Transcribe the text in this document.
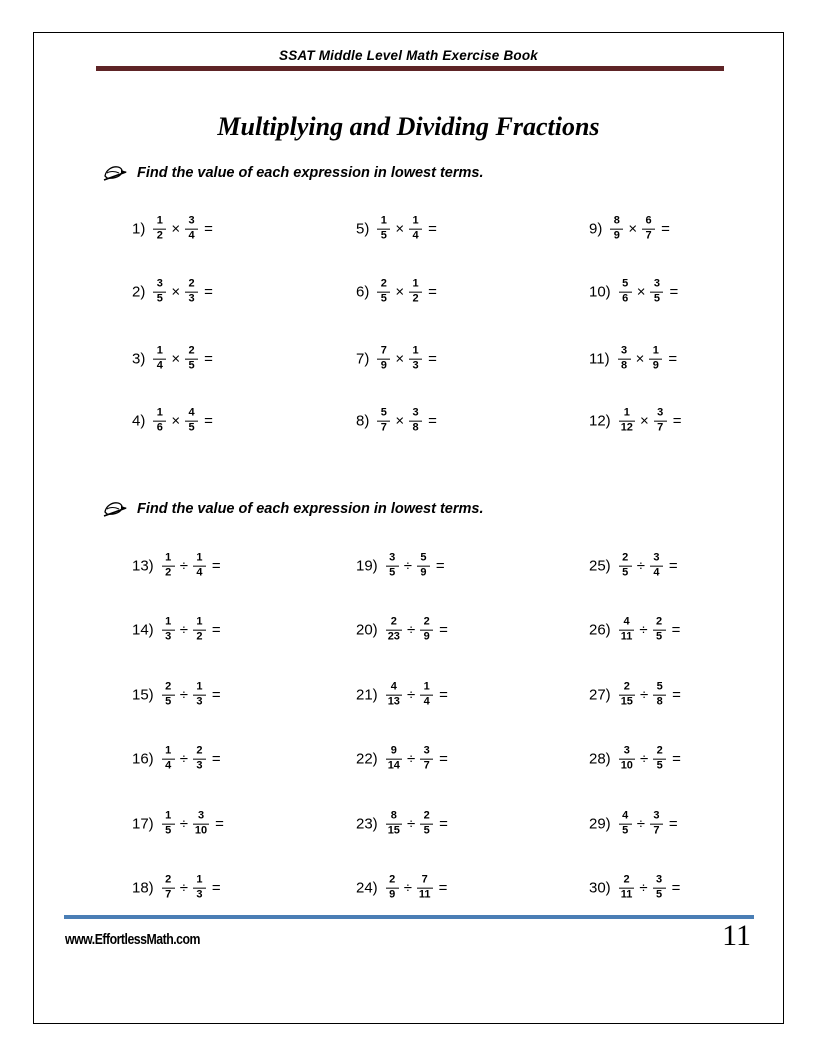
SSAT Middle Level Math Exercise Book
Multiplying and Dividing Fractions
Find the value of each expression in lowest terms.
$1) \frac{1}{2} \times \frac{3}{4}$ =
$2) \frac{3}{5} \times \frac{2}{3}$ =
$3) \frac{1}{4} \times \frac{2}{5}$ =
$4) \frac{1}{6} \times \frac{4}{5}$ =
$5) \frac{1}{5} \times \frac{1}{4}$ =
$6) \frac{2}{5} \times \frac{1}{2}$ =
$7) \frac{7}{9} \times \frac{1}{3}$ =
$8) \frac{5}{7} \times \frac{3}{8}$ =
$9) \frac{8}{9} \times \frac{6}{7}$ =
$10) \frac{5}{6} \times \frac{3}{5}$ =
$11) \frac{3}{8} \times \frac{1}{9}$ =
$12) \frac{1}{12} \times \frac{3}{7}$ =
Find the value of each expression in lowest terms.
$13) \frac{1}{2} \div \frac{1}{4}$ =
$14) \frac{1}{3} \div \frac{1}{2}$ =
$15) \frac{2}{5} \div \frac{1}{3}$ =
$16) \frac{1}{4} \div \frac{2}{3}$ =
$17) \frac{1}{5} \div \frac{3}{10}$ =
$18) \frac{2}{7} \div \frac{1}{3}$ =
$19) \frac{3}{5} \div \frac{5}{9}$ =
$20) \frac{2}{23} \div \frac{2}{9}$ =
$21) \frac{4}{13} \div \frac{1}{4}$ =
$22) \frac{9}{14} \div \frac{3}{7}$ =
$23) \frac{8}{15} \div \frac{2}{5}$ =
$24) \frac{2}{9} \div \frac{7}{11}$ =
$25) \frac{2}{5} \div \frac{3}{4}$ =
$26) \frac{4}{11} \div \frac{2}{5}$ =
$27) \frac{2}{15} \div \frac{5}{8}$ =
$28) \frac{3}{10} \div \frac{2}{5}$ =
$29) \frac{4}{5} \div \frac{3}{7}$ =
$30) \frac{2}{11} \div \frac{3}{5}$ =
www.EffortlessMath.com	11
